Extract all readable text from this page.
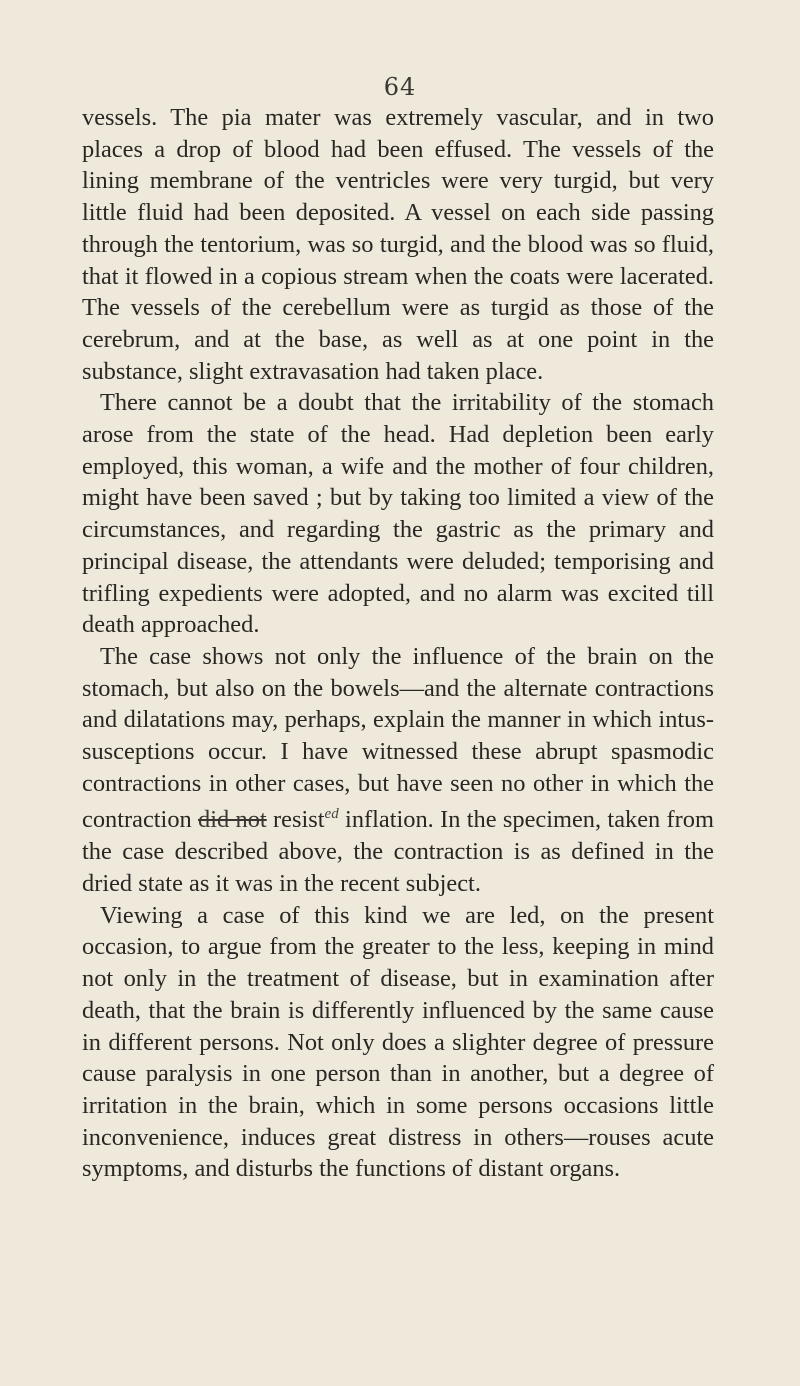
64

vessels. The pia mater was extremely vascular, and in two places a drop of blood had been effused. The vessels of the lining membrane of the ventricles were very turgid, but very little fluid had been deposited. A vessel on each side passing through the tentorium, was so turgid, and the blood was so fluid, that it flowed in a copious stream when the coats were lacerated. The vessels of the cerebellum were as turgid as those of the cerebrum, and at the base, as well as at one point in the substance, slight extravasation had taken place.

There cannot be a doubt that the irritability of the stomach arose from the state of the head. Had depletion been early employed, this woman, a wife and the mother of four children, might have been saved ; but by taking too limited a view of the circumstances, and regarding the gastric as the primary and principal disease, the attendants were deluded; temporising and trifling expedients were adopted, and no alarm was excited till death approached.

The case shows not only the influence of the brain on the stomach, but also on the bowels—and the alternate contractions and dilatations may, perhaps, explain the manner in which intus-susceptions occur. I have witnessed these abrupt spasmodic contractions in other cases, but have seen no other in which the contraction did not resist$^{ed}$ inflation. In the specimen, taken from the case described above, the contraction is as defined in the dried state as it was in the recent subject.

Viewing a case of this kind we are led, on the present occasion, to argue from the greater to the less, keeping in mind not only in the treatment of disease, but in examination after death, that the brain is differently influenced by the same cause in different persons. Not only does a slighter degree of pressure cause paralysis in one person than in another, but a degree of irritation in the brain, which in some persons occasions little inconvenience, induces great distress in others—rouses acute symptoms, and disturbs the functions of distant organs.
